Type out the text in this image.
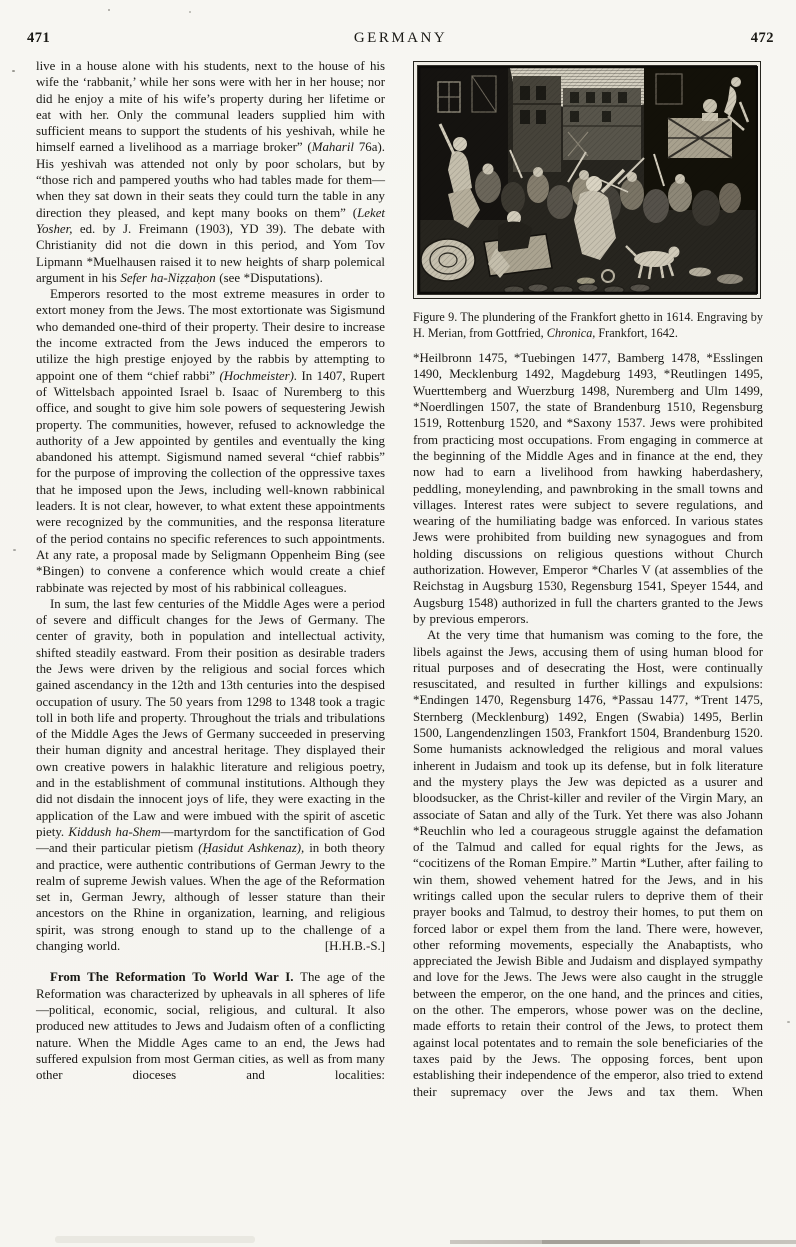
471	GERMANY	472

live in a house alone with his students, next to the house of his wife the ‘rabbanit,’ while her sons were with her in her house; nor did he enjoy a mite of his wife’s property during her lifetime or eat with her. Only the communal leaders supplied him with sufficient means to support the students of his yeshivah, while he himself earned a livelihood as a marriage broker” (Maharil 76a). His yeshivah was attended not only by poor scholars, but by “those rich and pampered youths who had tables made for them—when they sat down in their seats they could turn the table in any direction they pleased, and kept many books on them” (Leket Yosher, ed. by J. Freimann (1903), YD 39). The debate with Christianity did not die down in this period, and Yom Tov Lipmann *Muelhausen raised it to new heights of sharp polemical argument in his Sefer ha-Niẓẓaḥon (see *Disputations).

Emperors resorted to the most extreme measures in order to extort money from the Jews. The most extortionate was Sigismund who demanded one-third of their property. Their desire to increase the income extracted from the Jews induced the emperors to utilize the high prestige enjoyed by the rabbis by attempting to appoint one of them “chief rabbi” (Hochmeister). In 1407, Rupert of Wittelsbach appointed Israel b. Isaac of Nuremberg to this office, and sought to give him sole powers of sequestering Jewish property. The communities, however, refused to acknowledge the authority of a Jew appointed by gentiles and eventually the king abandoned his attempt. Sigismund named several “chief rabbis” for the purpose of improving the collection of the oppressive taxes that he imposed upon the Jews, including well-known rabbinical leaders. It is not clear, however, to what extent these appointments were recognized by the communities, and the responsa literature of the period contains no specific references to such appointments. At any rate, a proposal made by Seligmann Oppenheim Bing (see *Bingen) to convene a conference which would create a chief rabbinate was rejected by most of his rabbinical colleagues.

In sum, the last few centuries of the Middle Ages were a period of severe and difficult changes for the Jews of Germany. The center of gravity, both in population and intellectual activity, shifted steadily eastward. From their position as desirable traders the Jews were driven by the religious and social forces which gained ascendancy in the 12th and 13th centuries into the despised occupation of usury. The 50 years from 1298 to 1348 took a tragic toll in both life and property. Throughout the trials and tribulations of the Middle Ages the Jews of Germany succeeded in preserving their human dignity and ancestral heritage. They displayed their own creative powers in halakhic literature and religious poetry, and in the establishment of communal institutions. Although they did not disdain the innocent joys of life, they were exacting in the application of the Law and were imbued with the spirit of ascetic piety. Kiddush ha-Shem—martyrdom for the sanctification of God—and their particular pietism (Ḥasidut Ashkenaz), in both theory and practice, were authentic contributions of German Jewry to the realm of supreme Jewish values. When the age of the Reformation set in, German Jewry, although of lesser stature than their ancestors on the Rhine in organization, learning, and religious spirit, was strong enough to stand up to the challenge of a changing world.	[H.H.B.-S.]

From The Reformation To World War I. The age of the Reformation was characterized by upheavals in all spheres of life—political, economic, social, religious, and cultural. It also produced new attitudes to Jews and Judaism often of a conflicting nature. When the Middle Ages came to an end, the Jews had suffered expulsion from most German cities, as well as from many other dioceses and localities:

Figure 9. The plundering of the Frankfort ghetto in 1614. Engraving by H. Merian, from Gottfried, Chronica, Frankfort, 1642.

*Heilbronn 1475, *Tuebingen 1477, Bamberg 1478, *Esslingen 1490, Mecklenburg 1492, Magdeburg 1493, *Reutlingen 1495, Wuerttemberg and Wuerzburg 1498, Nuremberg and Ulm 1499, *Noerdlingen 1507, the state of Brandenburg 1510, Regensburg 1519, Rottenburg 1520, and *Saxony 1537. Jews were prohibited from practicing most occupations. From engaging in commerce at the beginning of the Middle Ages and in finance at the end, they now had to earn a livelihood from hawking haberdashery, peddling, moneylending, and pawnbroking in the small towns and villages. Interest rates were subject to severe regulations, and wearing of the humiliating badge was enforced. In various states Jews were prohibited from building new synagogues and from holding discussions on religious questions without Church authorization. However, Emperor *Charles V (at assemblies of the Reichstag in Augsburg 1530, Regensburg 1541, Speyer 1544, and Augsburg 1548) authorized in full the charters granted to the Jews by previous emperors.

At the very time that humanism was coming to the fore, the libels against the Jews, accusing them of using human blood for ritual purposes and of desecrating the Host, were continually resuscitated, and resulted in further killings and expulsions: *Endingen 1470, Regensburg 1476, *Passau 1477, *Trent 1475, Sternberg (Mecklenburg) 1492, Engen (Swabia) 1495, Berlin 1500, Langendenzlingen 1503, Frankfort 1504, Brandenburg 1520. Some humanists acknowledged the religious and moral values inherent in Judaism and took up its defense, but in folk literature and the mystery plays the Jew was depicted as a usurer and bloodsucker, as the Christ-killer and reviler of the Virgin Mary, an associate of Satan and ally of the Turk. Yet there was also Johann *Reuchlin who led a courageous struggle against the defamation of the Talmud and called for equal rights for the Jews, as “cocitizens of the Roman Empire.” Martin *Luther, after failing to win them, showed vehement hatred for the Jews, and in his writings called upon the secular rulers to deprive them of their prayer books and Talmud, to destroy their homes, to put them on forced labor or expel them from the land. There were, however, other reforming movements, especially the Anabaptists, who appreciated the Jewish Bible and Judaism and displayed sympathy and love for the Jews. The Jews were also caught in the struggle between the emperor, on the one hand, and the princes and cities, on the other. The emperors, whose power was on the decline, made efforts to retain their control of the Jews, to protect them against local potentates and to remain the sole beneficiaries of the taxes paid by the Jews. The opposing forces, bent upon establishing their independence of the emperor, also tried to extend their supremacy over the Jews and tax them. When
